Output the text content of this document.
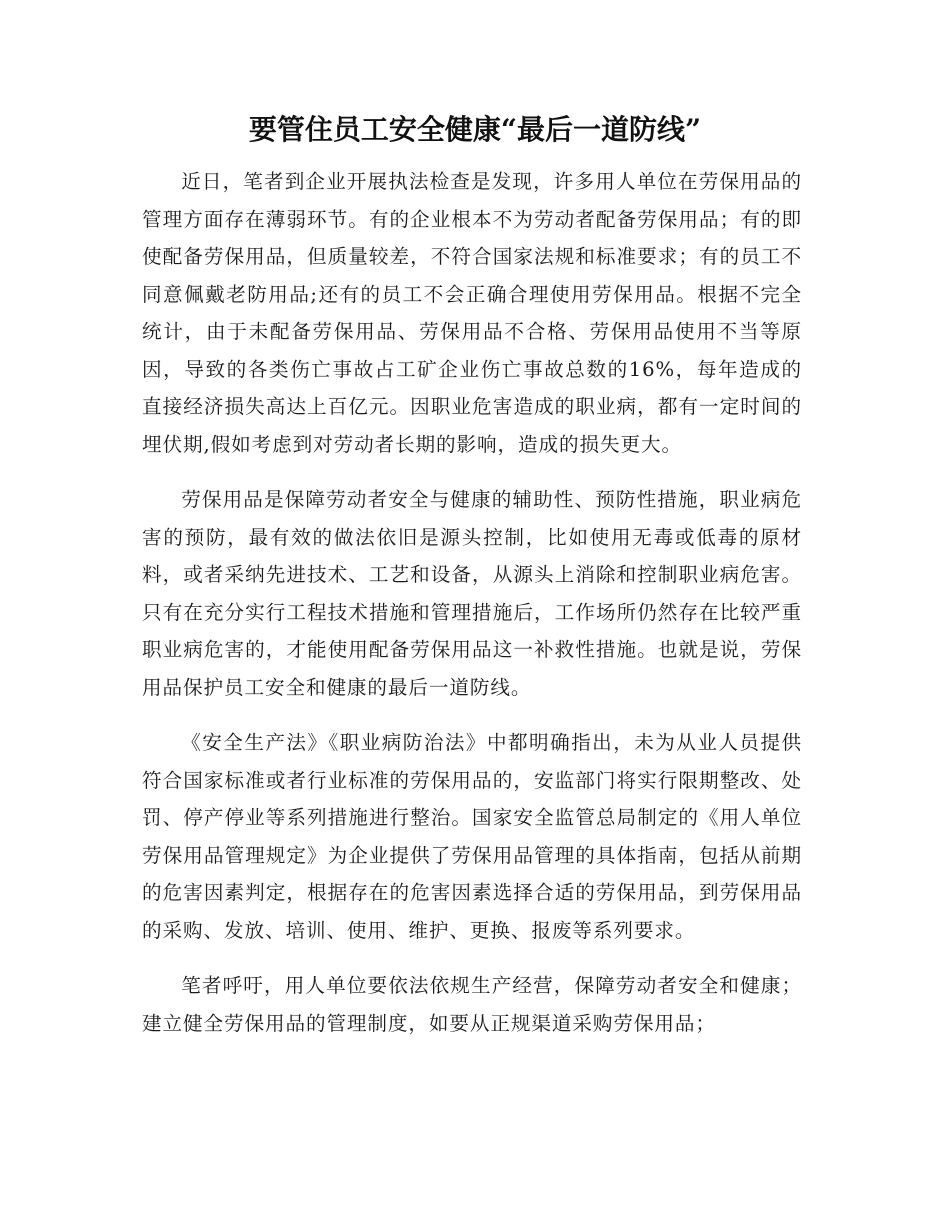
要管住员工安全健康“最后一道防线”

近日，笔者到企业开展执法检查是发现，许多用人单位在劳保用品的管理方面存在薄弱环节。有的企业根本不为劳动者配备劳保用品；有的即使配备劳保用品，但质量较差，不符合国家法规和标准要求；有的员工不同意佩戴老防用品;还有的员工不会正确合理使用劳保用品。根据不完全统计，由于未配备劳保用品、劳保用品不合格、劳保用品使用不当等原因，导致的各类伤亡事故占工矿企业伤亡事故总数的16%，每年造成的直接经济损失高达上百亿元。因职业危害造成的职业病，都有一定时间的埋伏期,假如考虑到对劳动者长期的影响，造成的损失更大。

劳保用品是保障劳动者安全与健康的辅助性、预防性措施，职业病危害的预防，最有效的做法依旧是源头控制，比如使用无毒或低毒的原材料，或者采纳先进技术、工艺和设备，从源头上消除和控制职业病危害。只有在充分实行工程技术措施和管理措施后，工作场所仍然存在比较严重职业病危害的，才能使用配备劳保用品这一补救性措施。也就是说，劳保用品保护员工安全和健康的最后一道防线。

《安全生产法》《职业病防治法》中都明确指出，未为从业人员提供符合国家标准或者行业标准的劳保用品的，安监部门将实行限期整改、处罚、停产停业等系列措施进行整治。国家安全监管总局制定的《用人单位劳保用品管理规定》为企业提供了劳保用品管理的具体指南，包括从前期的危害因素判定，根据存在的危害因素选择合适的劳保用品，到劳保用品的采购、发放、培训、使用、维护、更换、报废等系列要求。

笔者呼吁，用人单位要依法依规生产经营，保障劳动者安全和健康；建立健全劳保用品的管理制度，如要从正规渠道采购劳保用品；
